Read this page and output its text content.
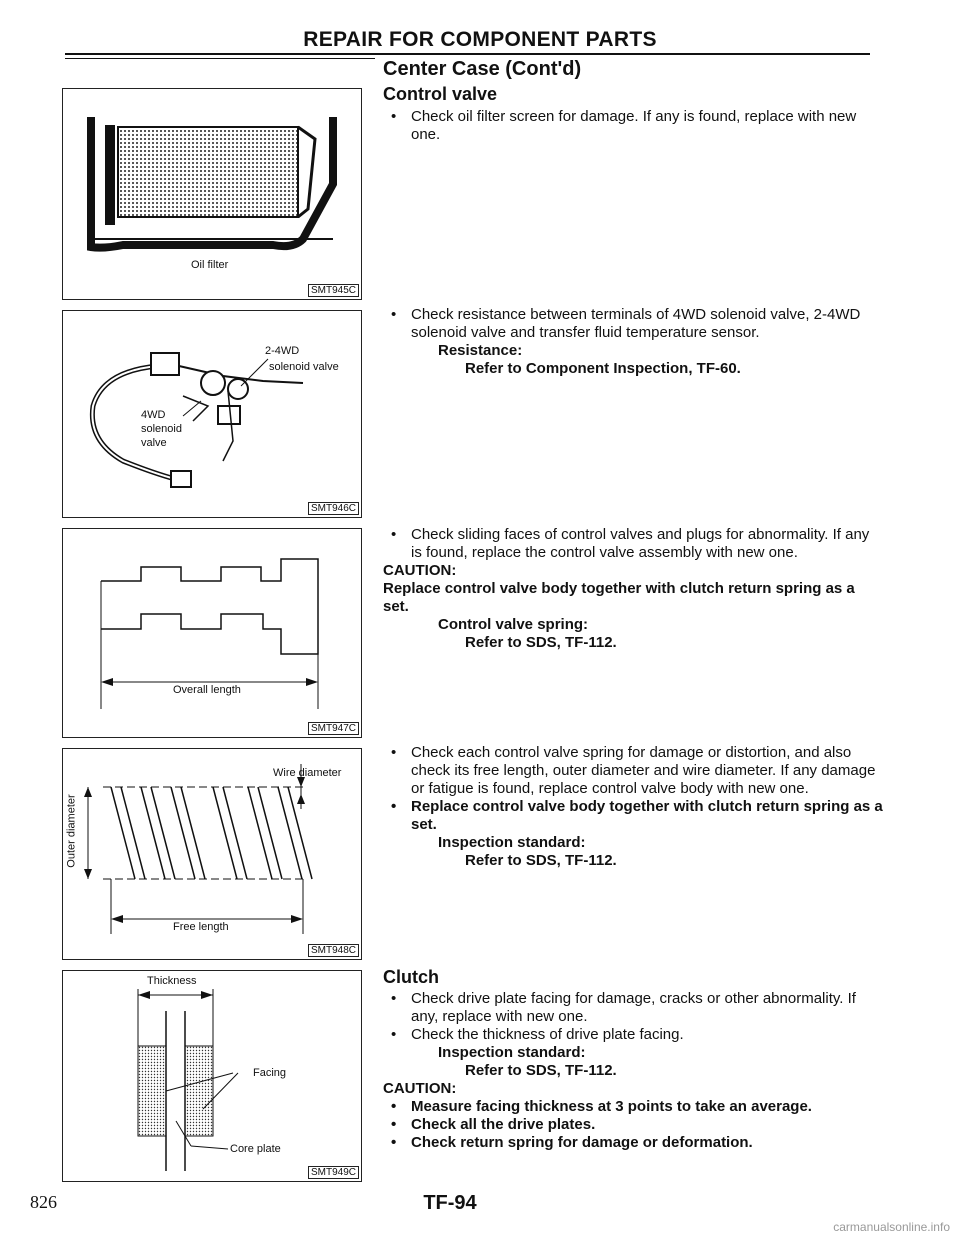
REPAIR FOR COMPONENT PARTS
Center Case (Cont'd)
Control valve
Oil filter
SMT945C
2-4WD
solenoid valve
4WD
solenoid
valve
SMT946C
Overall length
SMT947C
Wire diameter
Outer diameter
Free length
SMT948C
Thickness
Facing
Core plate
SMT949C
• Check oil filter screen for damage. If any is found, replace with new one.
• Check resistance between terminals of 4WD solenoid valve, 2-4WD solenoid valve and transfer fluid temperature sensor.
Resistance:
Refer to Component Inspection, TF-60.
• Check sliding faces of control valves and plugs for abnormality. If any is found, replace the control valve assembly with new one.
CAUTION:
Replace control valve body together with clutch return spring as a set.
Control valve spring:
Refer to SDS, TF-112.
• Check each control valve spring for damage or distortion, and also check its free length, outer diameter and wire diameter. If any damage or fatigue is found, replace control valve body with new one.
• Replace control valve body together with clutch return spring as a set.
Inspection standard:
Refer to SDS, TF-112.
Clutch
• Check drive plate facing for damage, cracks or other abnormality. If any, replace with new one.
• Check the thickness of drive plate facing.
Inspection standard:
Refer to SDS, TF-112.
CAUTION:
• Measure facing thickness at 3 points to take an average.
• Check all the drive plates.
• Check return spring for damage or deformation.
826	TF-94
carmanualsonline.info
